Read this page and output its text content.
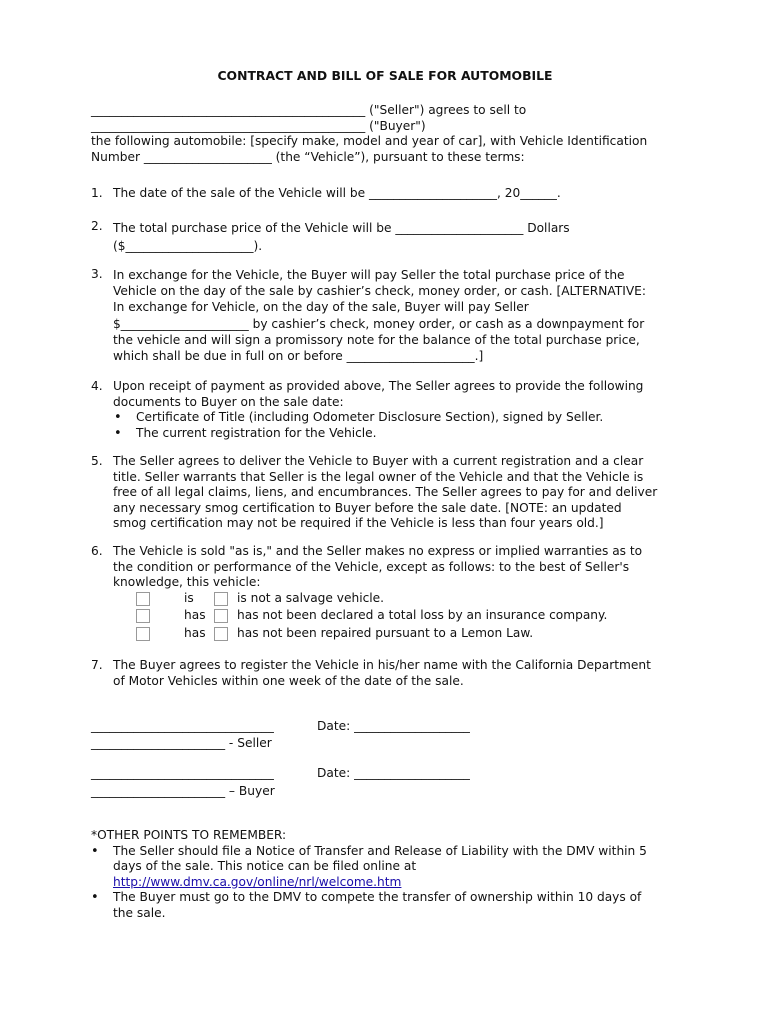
CONTRACT AND BILL OF SALE FOR AUTOMOBILE
_____________________________________________ ("Seller") agrees to sell to
_____________________________________________ ("Buyer")
the following automobile: [specify make, model and year of car], with Vehicle Identification
Number _____________________ (the “Vehicle”), pursuant to these terms:
1. The date of the sale of the Vehicle will be _____________________, 20______.
2. The total purchase price of the Vehicle will be _____________________ Dollars
($_____________________).
3. In exchange for the Vehicle, the Buyer will pay Seller the total purchase price of the
Vehicle on the day of the sale by cashier’s check, money order, or cash. [ALTERNATIVE:
In exchange for Vehicle, on the day of the sale, Buyer will pay Seller
$_____________________ by cashier’s check, money order, or cash as a downpayment for
the vehicle and will sign a promissory note for the balance of the total purchase price,
which shall be due in full on or before _____________________.]
4. Upon receipt of payment as provided above, The Seller agrees to provide the following
documents to Buyer on the sale date:
• Certificate of Title (including Odometer Disclosure Section), signed by Seller.
• The current registration for the Vehicle.
5. The Seller agrees to deliver the Vehicle to Buyer with a current registration and a clear
title. Seller warrants that Seller is the legal owner of the Vehicle and that the Vehicle is
free of all legal claims, liens, and encumbrances. The Seller agrees to pay for and deliver
any necessary smog certification to Buyer before the sale date. [NOTE: an updated
smog certification may not be required if the Vehicle is less than four years old.]
6. The Vehicle is sold "as is," and the Seller makes no express or implied warranties as to
the condition or performance of the Vehicle, except as follows: to the best of Seller's
knowledge, this vehicle:
is	is not a salvage vehicle.
has	has not been declared a total loss by an insurance company.
has	has not been repaired pursuant to a Lemon Law.
7. The Buyer agrees to register the Vehicle in his/her name with the California Department
of Motor Vehicles within one week of the date of the sale.
______________________________	Date: ___________________
______________________ - Seller
______________________________	Date: ___________________
______________________ – Buyer
*OTHER POINTS TO REMEMBER:
• The Seller should file a Notice of Transfer and Release of Liability with the DMV within 5
days of the sale. This notice can be filed online at
http://www.dmv.ca.gov/online/nrl/welcome.htm
• The Buyer must go to the DMV to compete the transfer of ownership within 10 days of
the sale.
